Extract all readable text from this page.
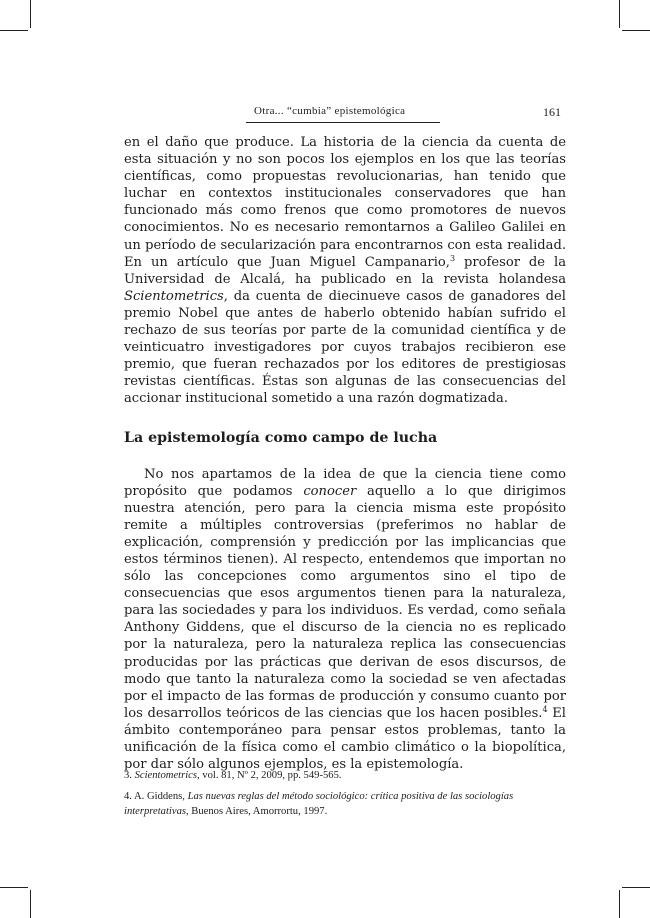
Otra... “cumbia” epistemológica	161

en el daño que produce. La historia de la ciencia da cuenta de esta situación y no son pocos los ejemplos en los que las teorías científicas, como propuestas revolucionarias, han tenido que luchar en contextos institucionales conservadores que han funcionado más como frenos que como promotores de nuevos conocimientos. No es necesario remontarnos a Galileo Galilei en un período de secularización para encontrarnos con esta realidad. En un artículo que Juan Miguel Campanario,$^3$ profesor de la Universidad de Alcalá, ha publicado en la revista holandesa Scientometrics, da cuenta de diecinueve casos de ganadores del premio Nobel que antes de haberlo obtenido habían sufrido el rechazo de sus teorías por parte de la comunidad científica y de veinticuatro investigadores por cuyos trabajos recibieron ese premio, que fueran rechazados por los editores de prestigiosas revistas científicas. Éstas son algunas de las consecuencias del accionar institucional sometido a una razón dogmatizada.

La epistemología como campo de lucha

No nos apartamos de la idea de que la ciencia tiene como propósito que podamos conocer aquello a lo que dirigimos nuestra atención, pero para la ciencia misma este propósito remite a múltiples controversias (preferimos no hablar de explicación, comprensión y predicción por las implicancias que estos términos tienen). Al respecto, entendemos que importan no sólo las concepciones como argumentos sino el tipo de consecuencias que esos argumentos tienen para la naturaleza, para las sociedades y para los individuos. Es verdad, como señala Anthony Giddens, que el discurso de la ciencia no es replicado por la naturaleza, pero la naturaleza replica las consecuencias producidas por las prácticas que derivan de esos discursos, de modo que tanto la naturaleza como la sociedad se ven afectadas por el impacto de las formas de producción y consumo cuanto por los desarrollos teóricos de las ciencias que los hacen posibles.$^4$ El ámbito contemporáneo para pensar estos problemas, tanto la unificación de la física como el cambio climático o la biopolítica, por dar sólo algunos ejemplos, es la epistemología.

3. Scientometrics, vol. 81, Nº 2, 2009, pp. 549-565.

4. A. Giddens, Las nuevas reglas del método sociológico: crítica positiva de las sociologías interpretativas, Buenos Aires, Amorrortu, 1997.
